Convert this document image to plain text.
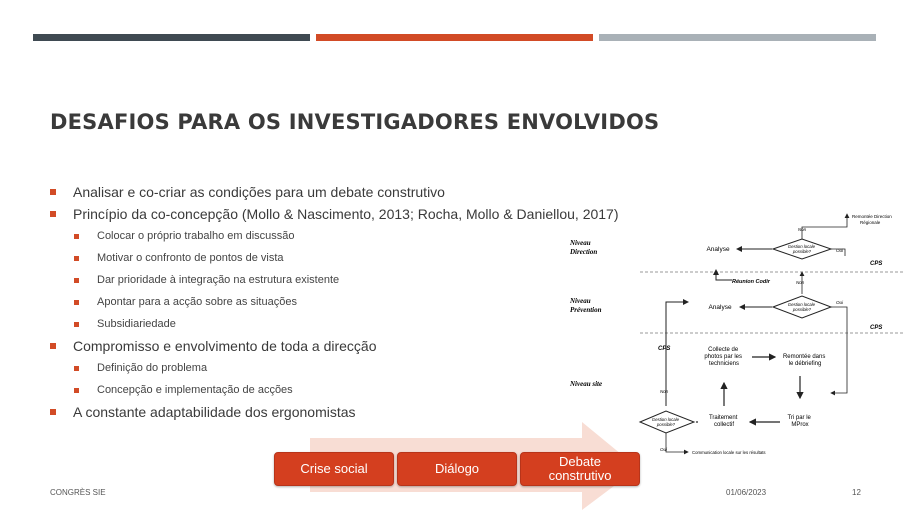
DESAFIOS PARA OS INVESTIGADORES ENVOLVIDOS
Analisar e co-criar as condições para um debate construtivo
Princípio da co-concepção (Mollo & Nascimento, 2013; Rocha, Mollo & Daniellou, 2017)
Colocar o próprio trabalho em discussão
Motivar o confronto de pontos de vista
Dar prioridade à integração na estrutura existente
Apontar para a acção sobre as situações
Subsidiariedade
Compromisso e envolvimento de toda a direcção
Definição do problema
Concepção e implementação de acções
A constante adaptabilidade dos ergonomistas
Niveau Direction
Niveau Prévention
Niveau site
Analyse	Gestion locale possible?
Non
Remontée Direction Régionale
Oui
CPS
Réunion Codir	Non
Analyse	Gestion locale possible?
Oui
CPS
CPS	Collecte de photos par les techniciens
Remontée dans le débriefing
Tri par le MProx
Traitement collectif
Gestion locale possible?
Non
Oui
Communication locale sur les résultats
Crise social	Diálogo	Debate
construtivo
CONGRÈS SIE	01/06/2023	12
